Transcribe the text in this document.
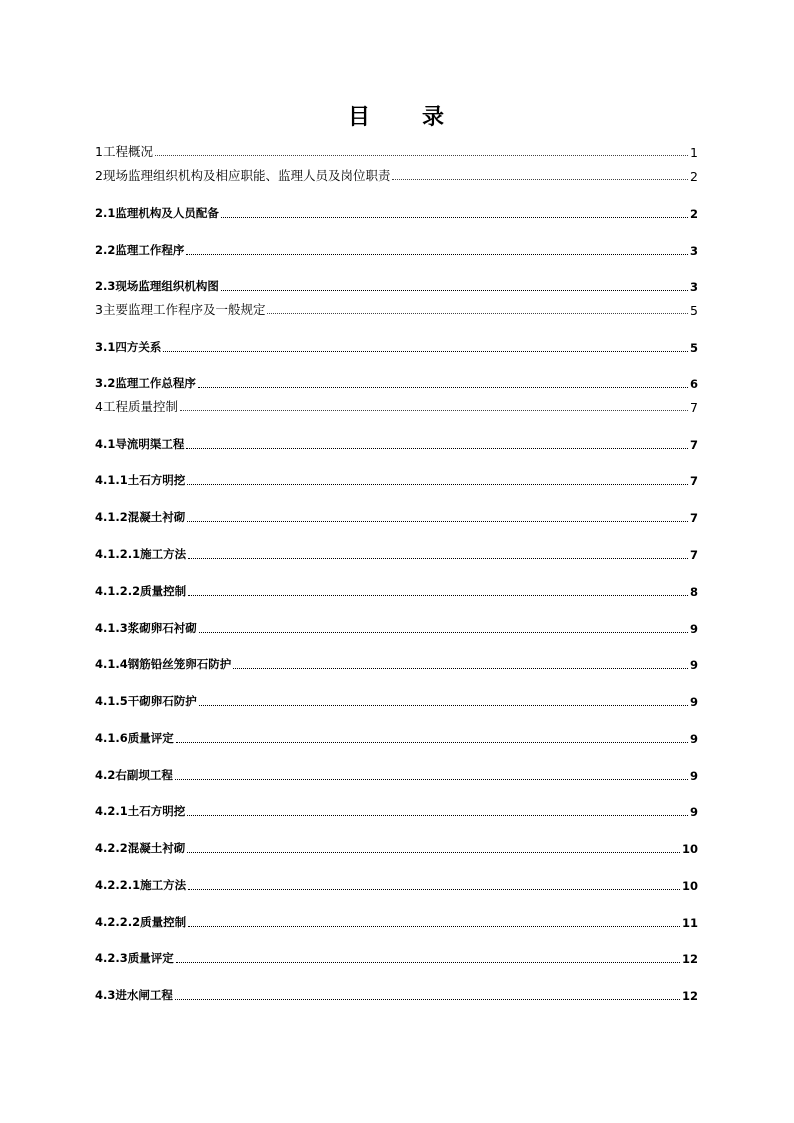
目 录
1工程概况	1
2现场监理组织机构及相应职能、监理人员及岗位职责	2
2.1监理机构及人员配备	2
2.2监理工作程序	3
2.3现场监理组织机构图	3
3主要监理工作程序及一般规定	5
3.1四方关系	5
3.2监理工作总程序	6
4工程质量控制	7
4.1导流明渠工程	7
4.1.1土石方明挖	7
4.1.2混凝土衬砌	7
4.1.2.1施工方法	7
4.1.2.2质量控制	8
4.1.3浆砌卵石衬砌	9
4.1.4钢筋铅丝笼卵石防护	9
4.1.5干砌卵石防护	9
4.1.6质量评定	9
4.2右副坝工程	9
4.2.1土石方明挖	9
4.2.2混凝土衬砌	10
4.2.2.1施工方法	10
4.2.2.2质量控制	11
4.2.3质量评定	12
4.3进水闸工程	12
